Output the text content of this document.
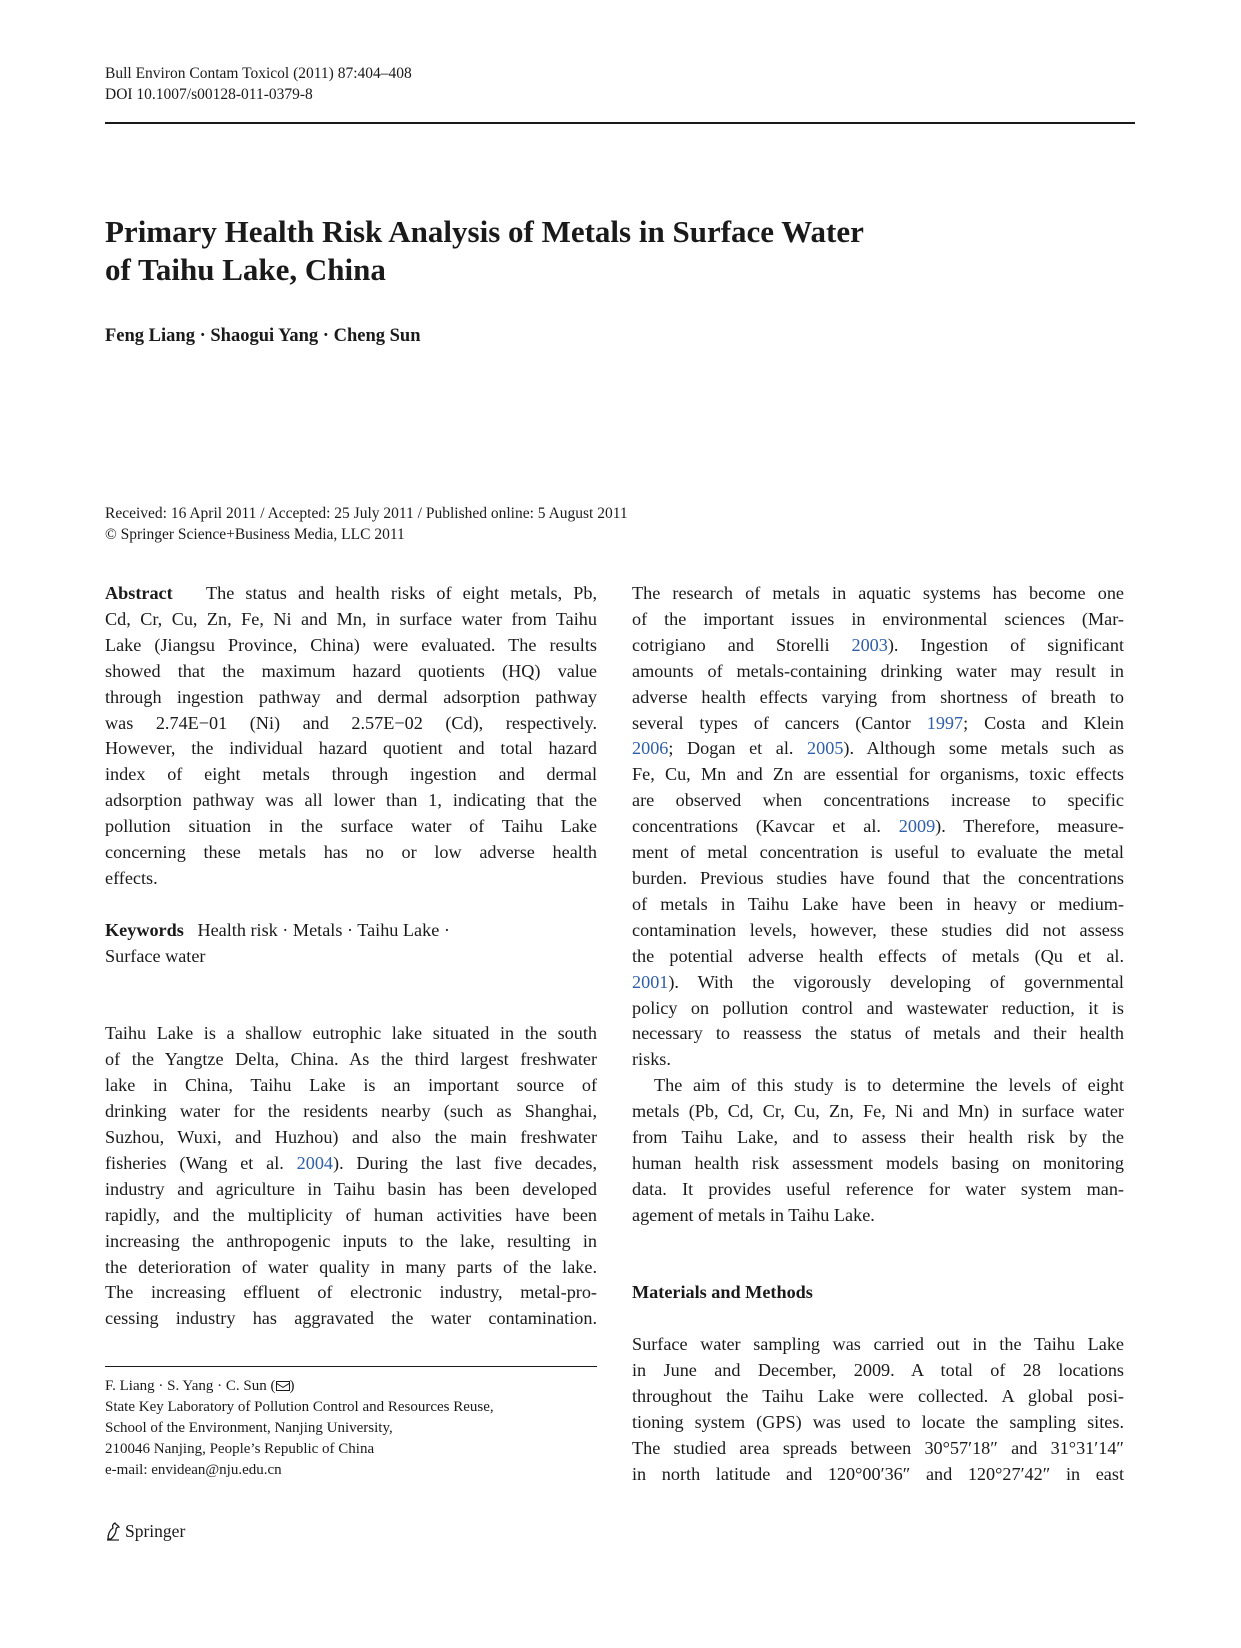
Bull Environ Contam Toxicol (2011) 87:404–408
DOI 10.1007/s00128-011-0379-8
Primary Health Risk Analysis of Metals in Surface Water
of Taihu Lake, China
Feng Liang · Shaogui Yang · Cheng Sun
Received: 16 April 2011 / Accepted: 25 July 2011 / Published online: 5 August 2011
© Springer Science+Business Media, LLC 2011
Abstract The status and health risks of eight metals, Pb,
Cd, Cr, Cu, Zn, Fe, Ni and Mn, in surface water from Taihu
Lake (Jiangsu Province, China) were evaluated. The results
showed that the maximum hazard quotients (HQ) value
through ingestion pathway and dermal adsorption pathway
was 2.74E−01 (Ni) and 2.57E−02 (Cd), respectively.
However, the individual hazard quotient and total hazard
index of eight metals through ingestion and dermal
adsorption pathway was all lower than 1, indicating that the
pollution situation in the surface water of Taihu Lake
concerning these metals has no or low adverse health
effects.
Keywords Health risk · Metals · Taihu Lake ·
Surface water
Taihu Lake is a shallow eutrophic lake situated in the south
of the Yangtze Delta, China. As the third largest freshwater
lake in China, Taihu Lake is an important source of
drinking water for the residents nearby (such as Shanghai,
Suzhou, Wuxi, and Huzhou) and also the main freshwater
fisheries (Wang et al. 2004). During the last five decades,
industry and agriculture in Taihu basin has been developed
rapidly, and the multiplicity of human activities have been
increasing the anthropogenic inputs to the lake, resulting in
the deterioration of water quality in many parts of the lake.
The increasing effluent of electronic industry, metal-pro-
cessing industry has aggravated the water contamination.
F. Liang · S. Yang · C. Sun ( )
State Key Laboratory of Pollution Control and Resources Reuse,
School of the Environment, Nanjing University,
210046 Nanjing, People’s Republic of China
e-mail: envidean@nju.edu.cn
Springer
The research of metals in aquatic systems has become one
of the important issues in environmental sciences (Mar-
cotrigiano and Storelli 2003). Ingestion of significant
amounts of metals-containing drinking water may result in
adverse health effects varying from shortness of breath to
several types of cancers (Cantor 1997; Costa and Klein
2006; Dogan et al. 2005). Although some metals such as
Fe, Cu, Mn and Zn are essential for organisms, toxic effects
are observed when concentrations increase to specific
concentrations (Kavcar et al. 2009). Therefore, measure-
ment of metal concentration is useful to evaluate the metal
burden. Previous studies have found that the concentrations
of metals in Taihu Lake have been in heavy or medium-
contamination levels, however, these studies did not assess
the potential adverse health effects of metals (Qu et al.
2001). With the vigorously developing of governmental
policy on pollution control and wastewater reduction, it is
necessary to reassess the status of metals and their health
risks.
The aim of this study is to determine the levels of eight
metals (Pb, Cd, Cr, Cu, Zn, Fe, Ni and Mn) in surface water
from Taihu Lake, and to assess their health risk by the
human health risk assessment models basing on monitoring
data. It provides useful reference for water system man-
agement of metals in Taihu Lake.
Materials and Methods
Surface water sampling was carried out in the Taihu Lake
in June and December, 2009. A total of 28 locations
throughout the Taihu Lake were collected. A global posi-
tioning system (GPS) was used to locate the sampling sites.
The studied area spreads between 30°57′18″ and 31°31′14″
in north latitude and 120°00′36″ and 120°27′42″ in east
